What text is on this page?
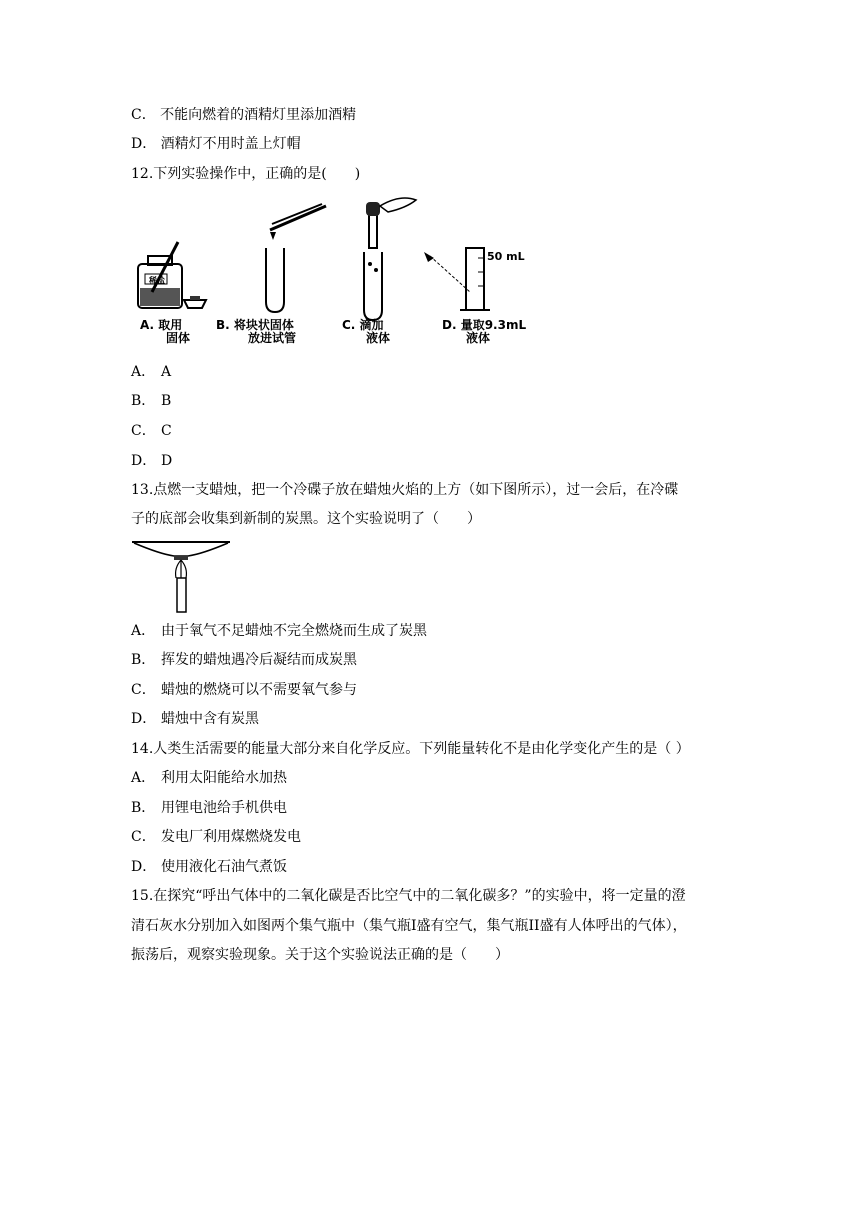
C． 不能向燃着的酒精灯里添加酒精
D． 酒精灯不用时盖上灯帽
12.下列实验操作中，正确的是(　　)
50 mL
稀盐
A. 取用
固体
B. 将块状固体
放进试管
C. 滴加
液体
D. 量取9.3mL
液体
A． A
B． B
C． C
D． D
13.点燃一支蜡烛，把一个冷碟子放在蜡烛火焰的上方（如下图所示），过一会后，在冷碟
子的底部会收集到新制的炭黑。这个实验说明了（　　）
A． 由于氧气不足蜡烛不完全燃烧而生成了炭黑
B． 挥发的蜡烛遇冷后凝结而成炭黑
C． 蜡烛的燃烧可以不需要氧气参与
D． 蜡烛中含有炭黑
14.人类生活需要的能量大部分来自化学反应。下列能量转化不是由化学变化产生的是（ ）
A． 利用太阳能给水加热
B． 用锂电池给手机供电
C． 发电厂利用煤燃烧发电
D． 使用液化石油气煮饭
15.在探究“呼出气体中的二氧化碳是否比空气中的二氧化碳多？”的实验中，将一定量的澄
清石灰水分别加入如图两个集气瓶中（集气瓶I盛有空气，集气瓶II盛有人体呼出的气体），
振荡后，观察实验现象。关于这个实验说法正确的是（　　）
